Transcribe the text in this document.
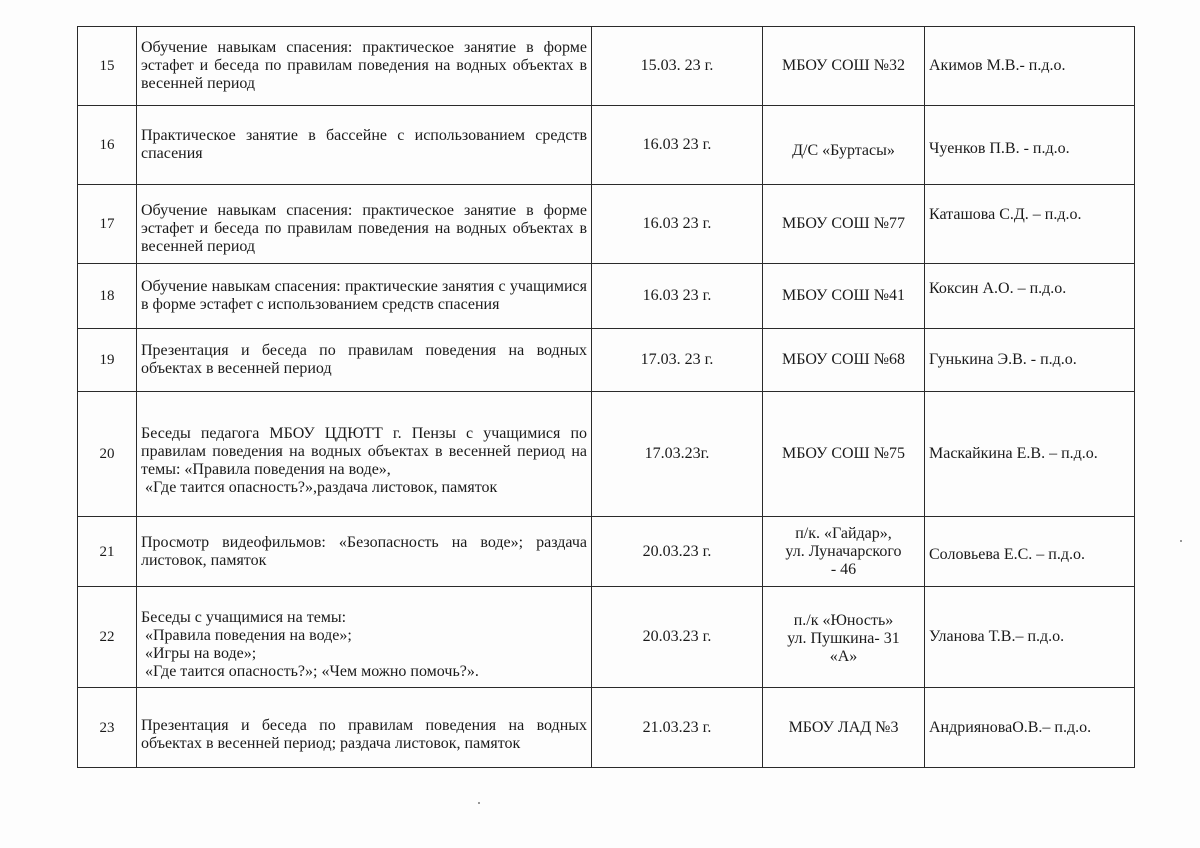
15	Обучение навыкам спасения: практическое занятие в форме эстафет и беседа по правилам поведения на водных объектах в весенней период	15.03. 23 г.	МБОУ СОШ №32	Акимов М.В.- п.д.о.
16	Практическое занятие в бассейне с использованием средств спасения	16.03 23 г.	Д/С «Буртасы»	Чуенков П.В. - п.д.о.
17	Обучение навыкам спасения: практическое занятие в форме эстафет и беседа по правилам поведения на водных объектах в весенней период	16.03 23 г.	МБОУ СОШ №77	Каташова С.Д. – п.д.о.
18	Обучение навыкам спасения: практические занятия с учащимися в форме эстафет с использованием средств спасения	16.03 23 г.	МБОУ СОШ №41	Коксин А.О. – п.д.о.
19	Презентация и беседа по правилам поведения на водных объектах в весенней период	17.03. 23 г.	МБОУ СОШ №68	Гунькина Э.В. - п.д.о.
20	Беседы педагога МБОУ ЦДЮТТ г. Пензы с учащимися по правилам поведения на водных объектах в весенней период на темы: «Правила поведения на воде»,
«Где таится опасность?»,раздача листовок, памяток	17.03.23г.	МБОУ СОШ №75	Маскайкина Е.В. – п.д.о.
21	Просмотр видеофильмов: «Безопасность на воде»; раздача листовок, памяток	20.03.23 г.	п/к. «Гайдар»,
ул. Луначарского
- 46	Соловьева Е.С. – п.д.о.
22	Беседы с учащимися на темы:
«Правила поведения на воде»;
«Игры на воде»;
«Где таится опасность?»; «Чем можно помочь?».	20.03.23 г.	п./к «Юность»
ул. Пушкина- 31
«А»	Уланова Т.В.– п.д.о.
23	Презентация и беседа по правилам поведения на водных объектах в весенней период; раздача листовок, памяток	21.03.23 г.	МБОУ ЛАД №3	АндрияноваО.В.– п.д.о.
